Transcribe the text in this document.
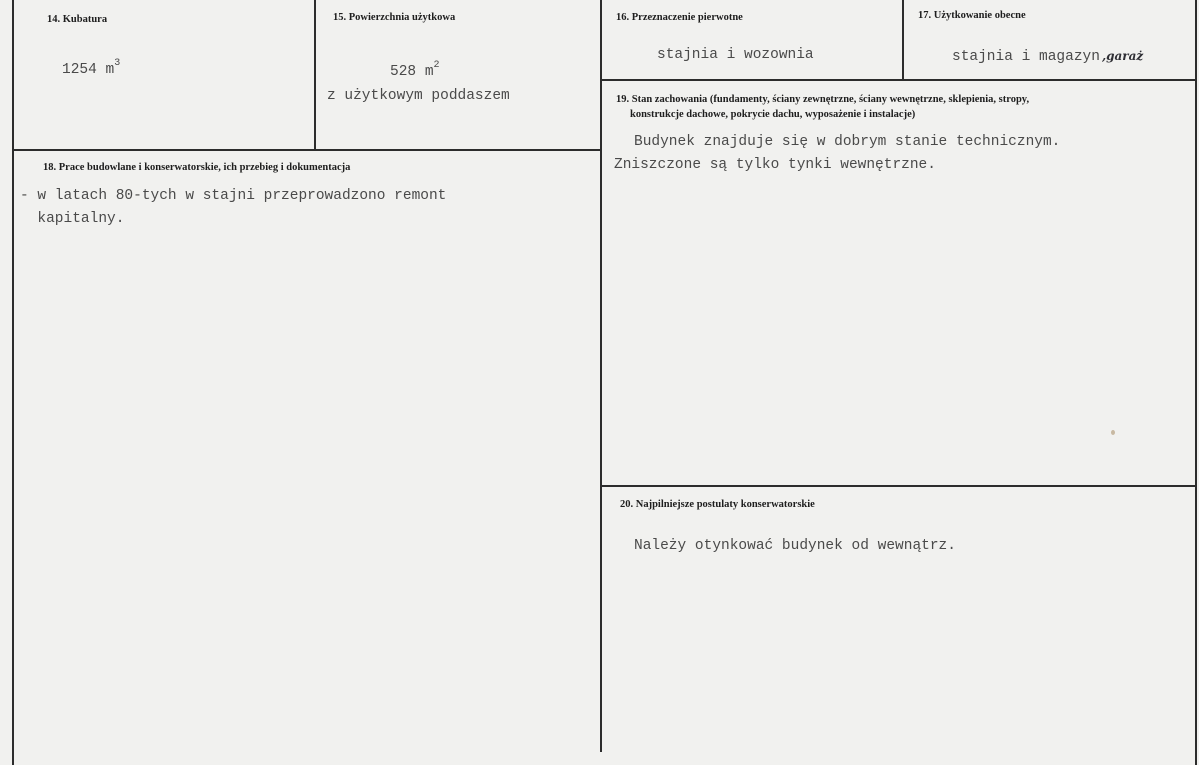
14. Kubatura
1254 $m^3$
15. Powierzchnia użytkowa
528 $m^2$
z użytkowym poddaszem
16. Przeznaczenie pierwotne
stajnia i wozownia
17. Użytkowanie obecne
stajnia i magazyn ,garaż
18. Prace budowlane i konserwatorskie, ich przebieg i dokumentacja
- w latach 80-tych w stajni przeprowadzono remont
kapitalny.
19. Stan zachowania (fundamenty, ściany zewnętrzne, ściany wewnętrzne, sklepienia, stropy,
konstrukcje dachowe, pokrycie dachu, wyposażenie i instalacje)
Budynek znajduje się w dobrym stanie technicznym.
Zniszczone są tylko tynki wewnętrzne.
20. Najpilniejsze postulaty konserwatorskie
Należy otynkować budynek od wewnątrz.
